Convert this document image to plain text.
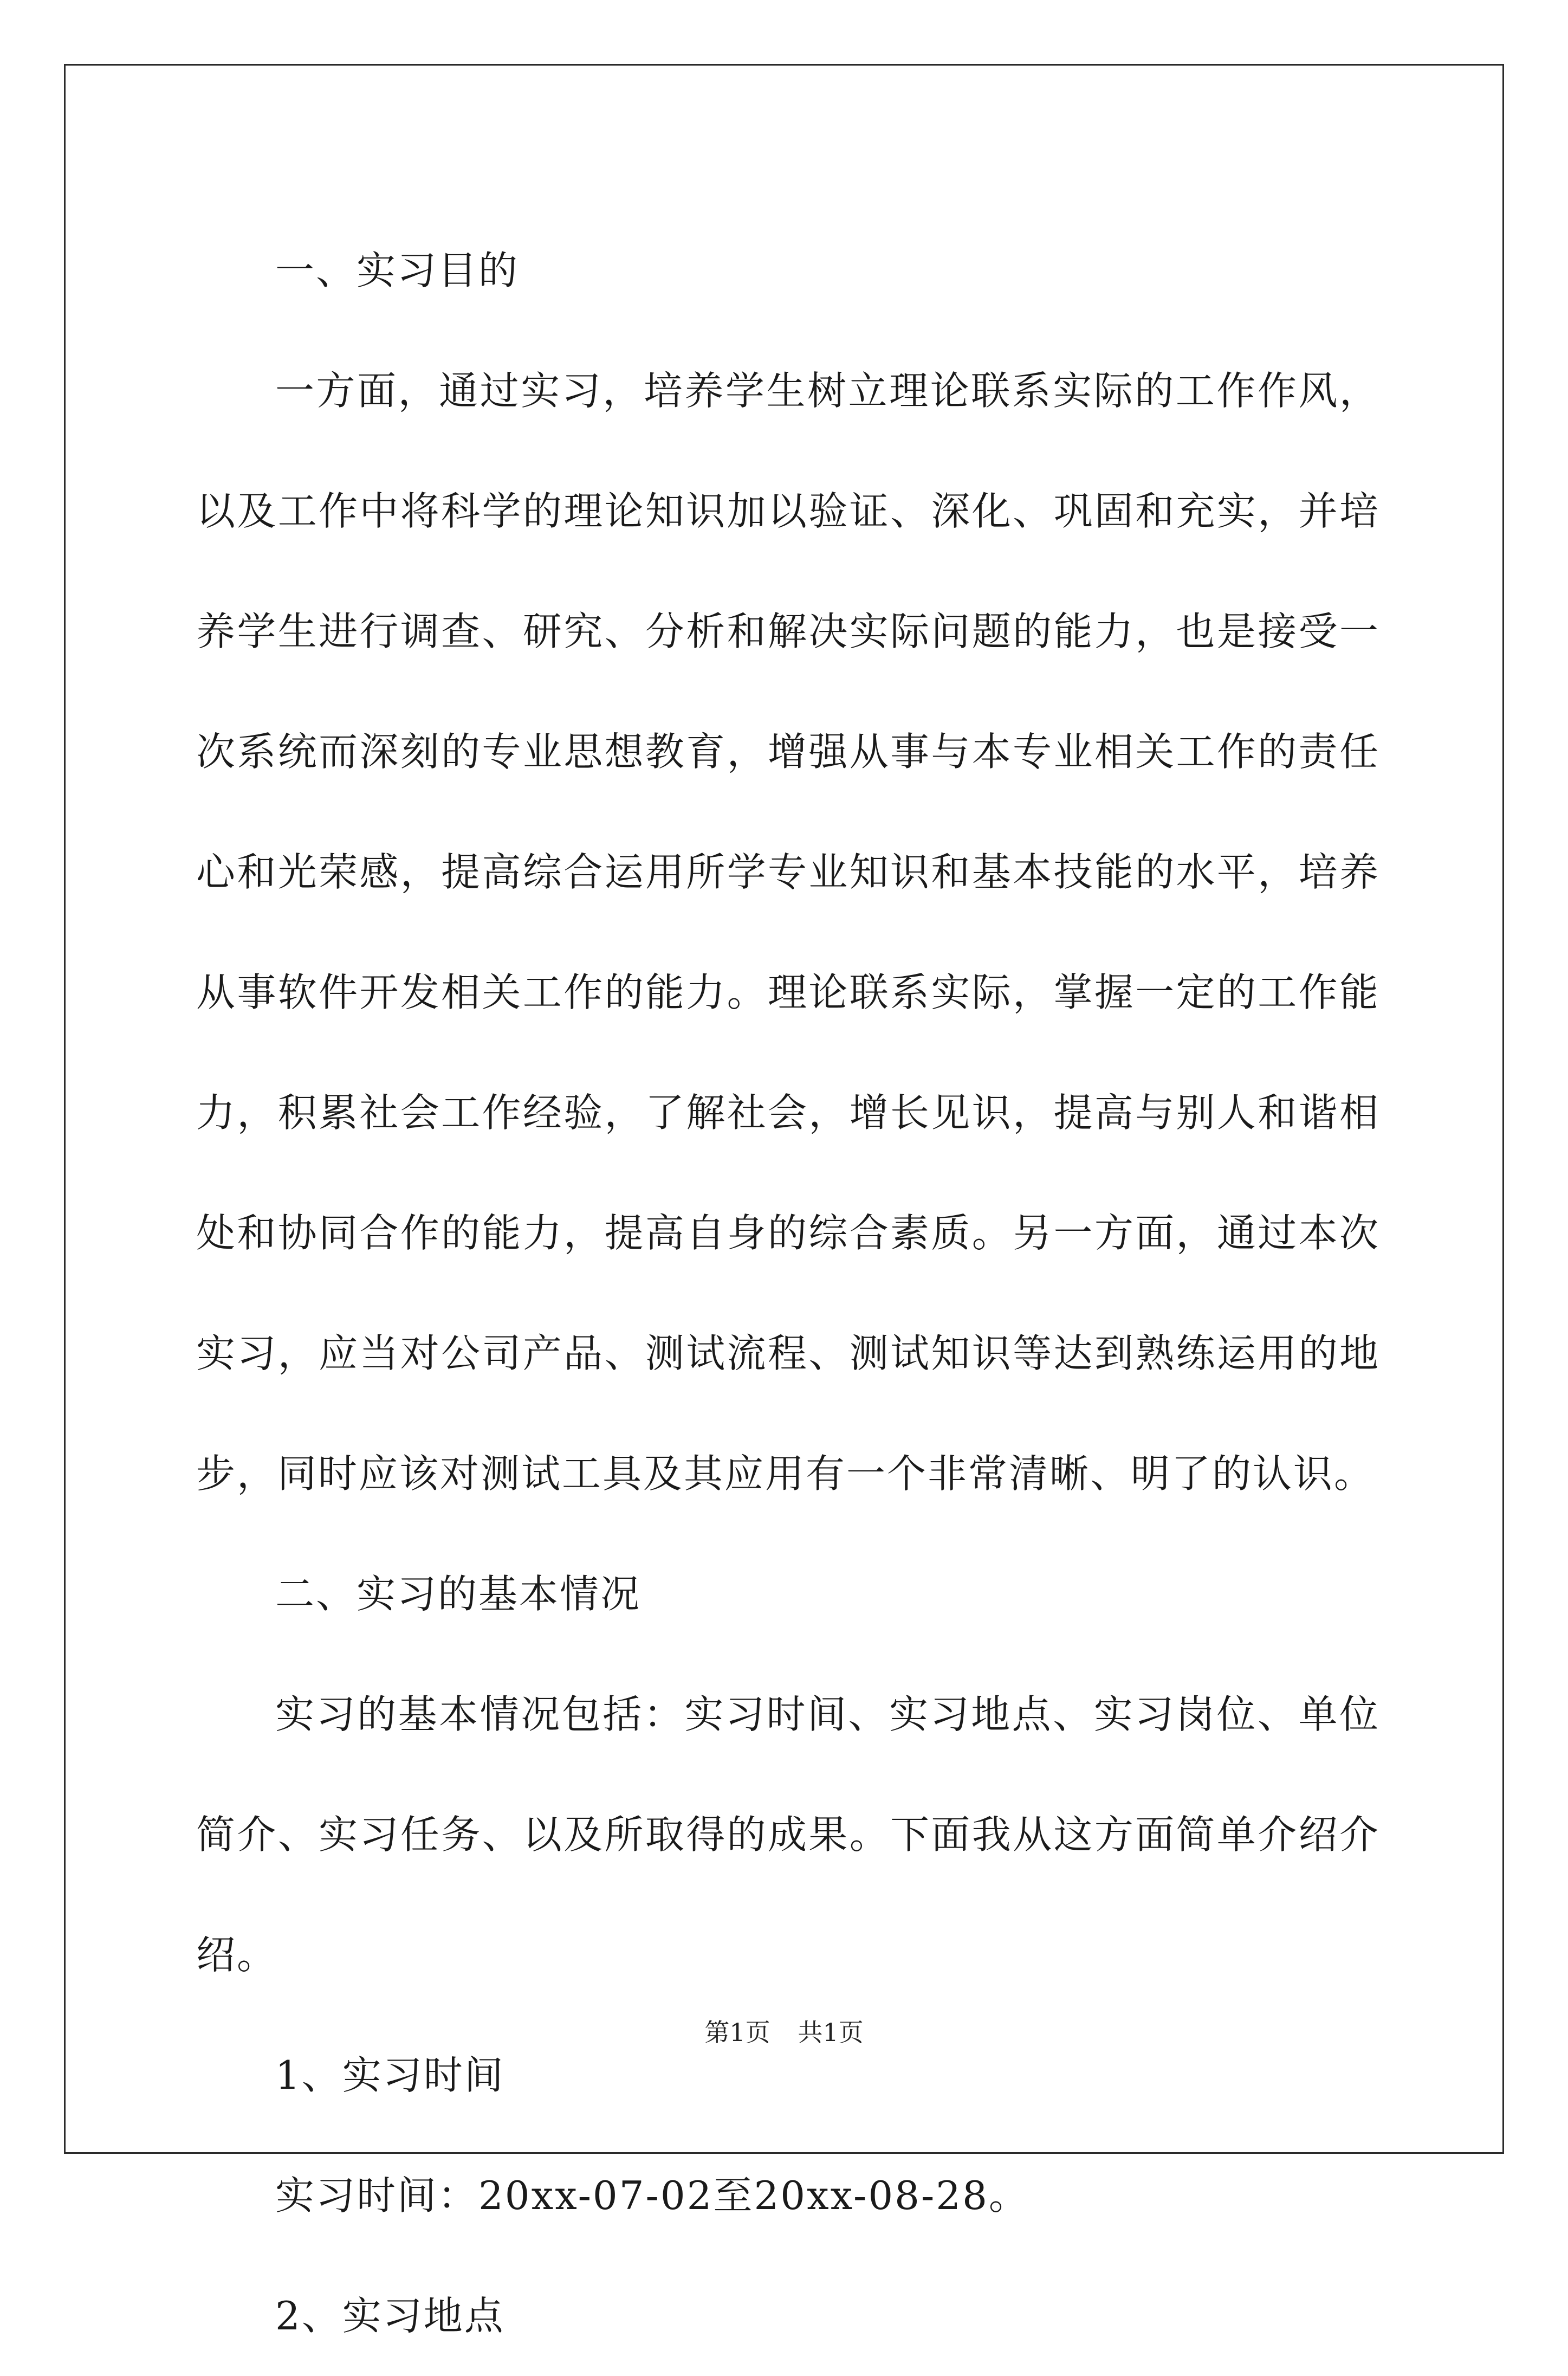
一、实习目的

一方面，通过实习，培养学生树立理论联系实际的工作作风，以及工作中将科学的理论知识加以验证、深化、巩固和充实，并培养学生进行调查、研究、分析和解决实际问题的能力，也是接受一次系统而深刻的专业思想教育，增强从事与本专业相关工作的责任心和光荣感，提高综合运用所学专业知识和基本技能的水平，培养从事软件开发相关工作的能力。理论联系实际，掌握一定的工作能力，积累社会工作经验，了解社会，增长见识，提高与别人和谐相处和协同合作的能力，提高自身的综合素质。另一方面，通过本次实习，应当对公司产品、测试流程、测试知识等达到熟练运用的地步，同时应该对测试工具及其应用有一个非常清晰、明了的认识。

二、实习的基本情况

实习的基本情况包括：实习时间、实习地点、实习岗位、单位简介、实习任务、以及所取得的成果。下面我从这方面简单介绍介绍。

1、实习时间

实习时间：20xx-07-02至20xx-08-28。

2、实习地点

第1页 共1页
